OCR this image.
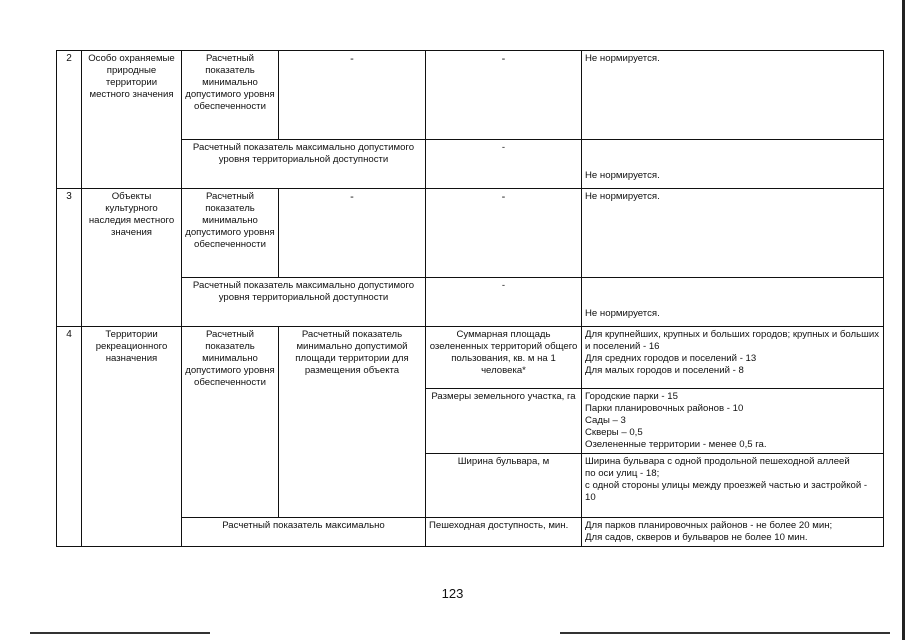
2	Особо охраняемые природные территории местного значения	Расчетный показатель минимально допустимого уровня обеспеченности	-	-	Не нормируется.
		Расчетный показатель максимально допустимого уровня территориальной доступности		-	Не нормируется.

3	Объекты культурного наследия местного значения	Расчетный показатель минимально допустимого уровня обеспеченности	-	-	Не нормируется.
		Расчетный показатель максимально допустимого уровня территориальной доступности		-	Не нормируется.

4	Территории рекреационного назначения	Расчетный показатель минимально допустимого уровня обеспеченности	Расчетный показатель минимально допустимой площади территории для размещения объекта	Суммарная площадь озелененных территорий общего пользования, кв. м на 1 человека*	Для крупнейших, крупных и больших городов; крупных и больших и поселений - 16
Для средних городов и поселений - 13
Для малых городов и поселений - 8

				Размеры земельного участка, га	Городские парки - 15
Парки планировочных районов - 10
Сады – 3
Скверы – 0,5
Озелененные территории - менее 0,5 га.

				Ширина бульвара, м	Ширина бульвара с одной продольной пешеходной аллеей
по оси улиц - 18;
с одной стороны улицы между проезжей частью и застройкой - 10

		Расчетный показатель максимально		Пешеходная доступность, мин.	Для парков планировочных районов - не более 20 мин;
Для садов, скверов и бульваров не более 10 мин.
123
